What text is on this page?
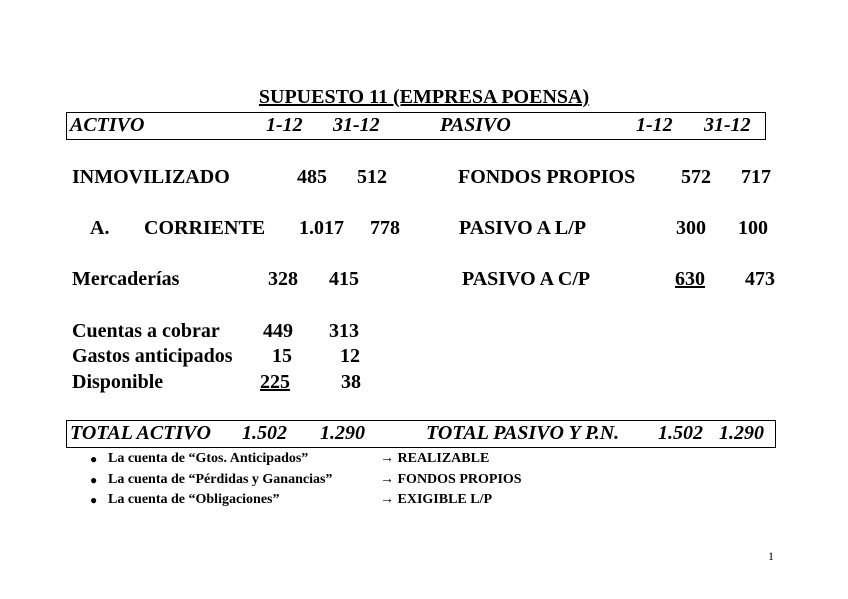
SUPUESTO 11 (EMPRESA POENSA)
ACTIVO	1-12 31-12	PASIVO	1-12 31-12
INMOVILIZADO	485 512	FONDOS PROPIOS 572 717
A. CORRIENTE 1.017 778	PASIVO A L/P	300 100
Mercaderías	328 415	PASIVO A C/P	630 473
Cuentas a cobrar 449 313
Gastos anticipados 15 12
Disponible	225	38
TOTAL ACTIVO 1.502 1.290	TOTAL PASIVO Y P.N. 1.502 1.290
● La cuenta de “Gtos. Anticipados”	→ REALIZABLE
● La cuenta de “Pérdidas y Ganancias”	→ FONDOS PROPIOS
● La cuenta de “Obligaciones”	→ EXIGIBLE L/P
1
